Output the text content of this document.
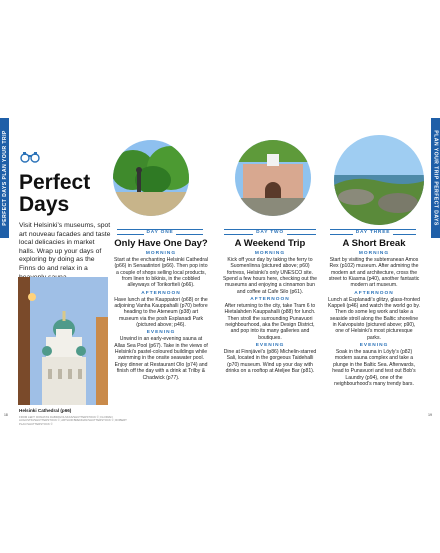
PERFECT DAYS PLAN YOUR TRIP	PLAN YOUR TRIP PERFECT DAYS
Perfect Days
Visit Helsinki’s museums, spot art nouveau facades and taste local delicacies in market halls. Wrap up your days of exploring by doing as the Finns do and relax in a
Helsinki Cathedral (p66)
DAY ONE	DAY TWO	DAY THREE
Only Have One Day?
MORNING

Start at the enchanting Helsinki Cathedral (p66) in Senaatintori (p66). Then pop into a couple of shops selling local products, from linen to bikinis, in the cobbled alleyways of Torikortteli (p66).

AFTERNOON

Have lunch at the Kauppatori (p68) or the adjoining Vanha Kauppahalli (p70) before heading to the Ateneum (p38) art museum via the posh Esplanadi Park (pictured above; p46).

EVENING

Unwind in an early-evening sauna at Allas Sea Pool (p67). Take in the views of Helsinki’s pastel-coloured buildings while swimming in the onsite seawater pool. Enjoy dinner at Restaurant Olo (p74) and finish off the day with a drink at Trilby & Chadwick (p77).

A Weekend Trip
MORNING

Kick off your day by taking the ferry to Suomenlinna (pictured above; p60) fortress, Helsinki’s only UNESCO site. Spend a few hours here, checking out the museums and enjoying a cinnamon bun and coffee at Cafe Silo (p61).

AFTERNOON

After returning to the city, take Tram 6 to Hietalahden Kauppahalli (p88) for lunch. Then stroll the surrounding Punavuori neighbourhood, aka the Design District, and pop into its many galleries and boutiques.

EVENING

Dine at Finnjävel’s (p86) Michelin-starred Sali, located in the gorgeous Taidehalli (p70) museum. Wind up your day with drinks on a rooftop at Ateljee Bar (p81).

A Short Break
MORNING

Start by visiting the subterranean Amos Rex (p102) museum. After admiring the modern art and architecture, cross the street to Kiasma (p40), another fantastic modern art museum.

AFTERNOON

Lunch at Esplanadi’s glitzy, glass-fronted Kappeli (p46) and watch the world go by. Then do some leg work and take a seaside stroll along the Baltic shoreline in Kaivopuisto (pictured above; p90), one of Helsinki’s most picturesque parks.

EVENING

Soak in the sauna in Löyly’s (p82) modern sauna complex and take a plunge in the Baltic Sea. Afterwards, head to Punavuori and test out Bob’s Laundry (p94), one of the neighbourhood’s many trendy bars.

18	FROM LEFT: DONATAS DABRAVOLSKAS/SHUTTERSTOCK ©; FLORIAN AUGUSTIN/SHUTTERSTOCK ©; ARTHUR BRENNAN/SHUTTERSTOCK ©; ROBERT PLAC/SHUTTERSTOCK ©
19
